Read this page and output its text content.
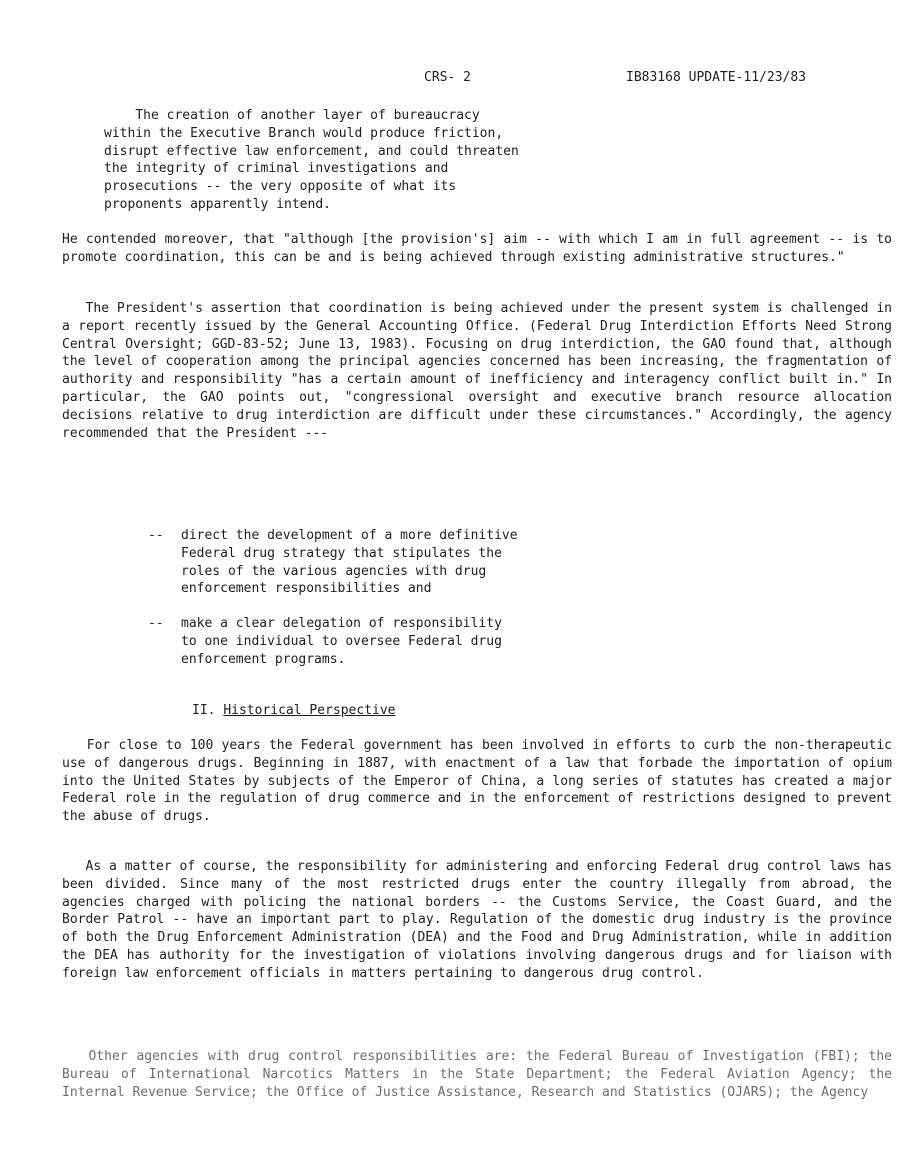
CRS- 2	IB83168 UPDATE-11/23/83
The creation of another layer of bureaucracy
within the Executive Branch would produce friction,
disrupt effective law enforcement, and could threaten
the integrity of criminal investigations and
prosecutions -- the very opposite of what its
proponents apparently intend.

He contended moreover, that "although [the provision's] aim -- with which I am in full agreement -- is to promote coordination, this can be and is being achieved through existing administrative structures."

The President's assertion that coordination is being achieved under the present system is challenged in a report recently issued by the General Accounting Office. (Federal Drug Interdiction Efforts Need Strong Central Oversight; GGD-83-52; June 13, 1983). Focusing on drug interdiction, the GAO found that, although the level of cooperation among the principal agencies concerned has been increasing, the fragmentation of authority and responsibility "has a certain amount of inefficiency and interagency conflict built in." In particular, the GAO points out, "congressional oversight and executive branch resource allocation decisions relative to drug interdiction are difficult under these circumstances." Accordingly, the agency recommended that the President ---

--	direct the development of a more definitive
Federal drug strategy that stipulates the
roles of the various agencies with drug
enforcement responsibilities and
--	make a clear delegation of responsibility
to one individual to oversee Federal drug
enforcement programs.
II. Historical Perspective

For close to 100 years the Federal government has been involved in efforts to curb the non-therapeutic use of dangerous drugs. Beginning in 1887, with enactment of a law that forbade the importation of opium into the United States by subjects of the Emperor of China, a long series of statutes has created a major Federal role in the regulation of drug commerce and in the enforcement of restrictions designed to prevent the abuse of drugs.

As a matter of course, the responsibility for administering and enforcing Federal drug control laws has been divided. Since many of the most restricted drugs enter the country illegally from abroad, the agencies charged with policing the national borders -- the Customs Service, the Coast Guard, and the Border Patrol -- have an important part to play. Regulation of the domestic drug industry is the province of both the Drug Enforcement Administration (DEA) and the Food and Drug Administration, while in addition the DEA has authority for the investigation of violations involving dangerous drugs and for liaison with foreign law enforcement officials in matters pertaining to dangerous drug control.

Other agencies with drug control responsibilities are: the Federal Bureau of Investigation (FBI); the Bureau of International Narcotics Matters in the State Department; the Federal Aviation Agency; the Internal Revenue Service; the Office of Justice Assistance, Research and Statistics (OJARS); the Agency
